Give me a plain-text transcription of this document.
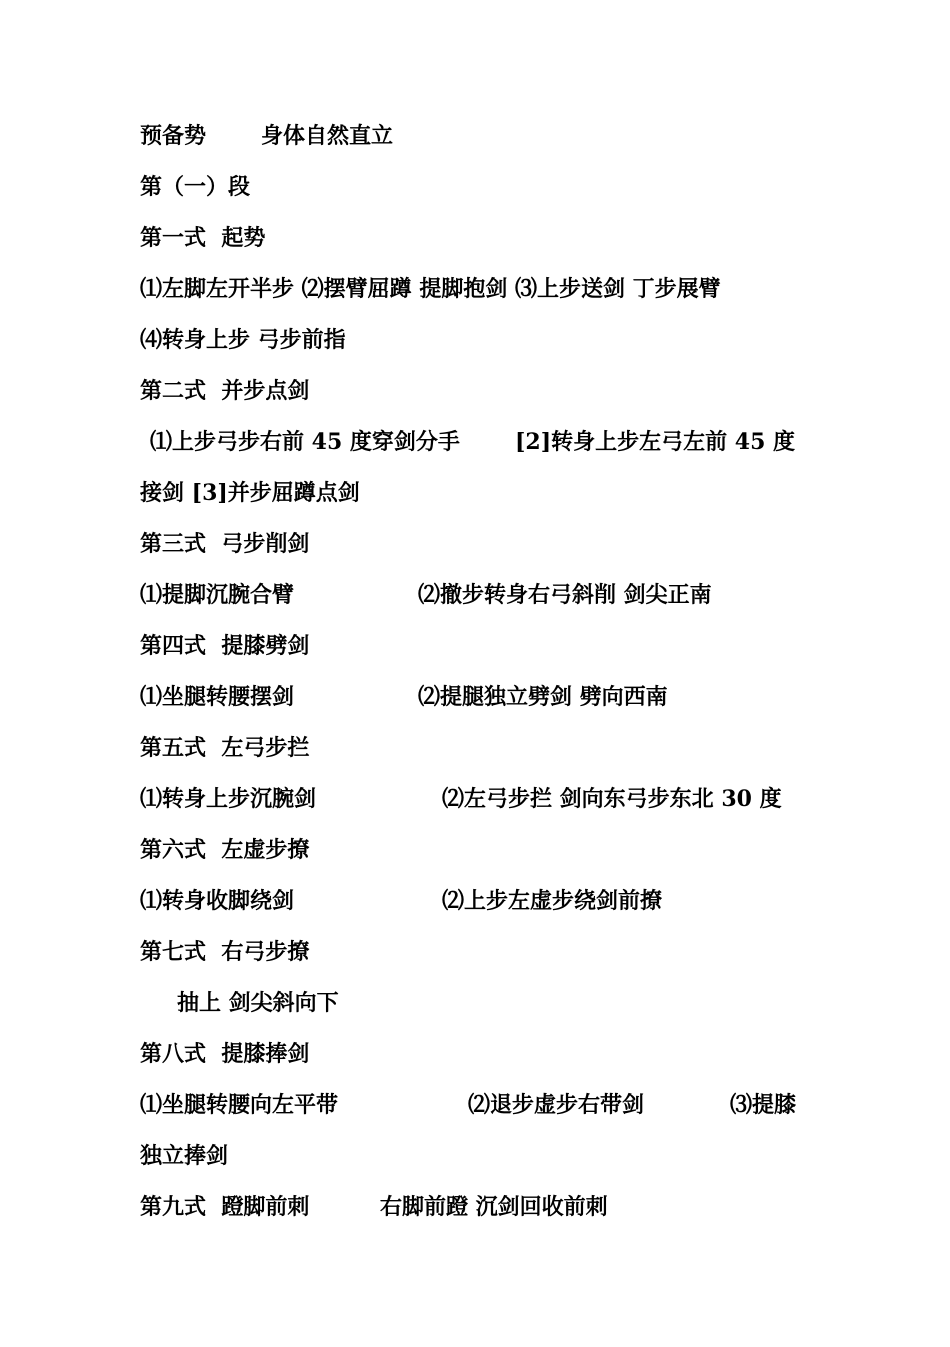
预备势

身体自然直立

第（一）段

第一式  起势

⑴左脚左开半步 ⑵摆臂屈蹲 提脚抱剑 ⑶上步送剑 丁步展臂

⑷转身上步 弓步前指

第二式  并步点剑

⑴上步弓步右前 45 度穿剑分手

	[2]转身上步左弓左前 45 度

接剑 [3]并步屈蹲点剑

第三式  弓步削剑

⑴提脚沉腕合臂

	⑵撤步转身右弓斜削 剑尖正南

第四式  提膝劈剑

⑴坐腿转腰摆剑

	⑵提腿独立劈剑 劈向西南

第五式  左弓步拦

⑴转身上步沉腕剑

	⑵左弓步拦 剑向东弓步东北 30 度

第六式  左虚步撩

⑴转身收脚绕剑

	⑵上步左虚步绕剑前撩

第七式  右弓步撩

抽上 剑尖斜向下

第八式  提膝捧剑

⑴坐腿转腰向左平带

	⑵退步虚步右带剑

	⑶提膝

独立捧剑

第九式  蹬脚前刺

	右脚前蹬 沉剑回收前刺
